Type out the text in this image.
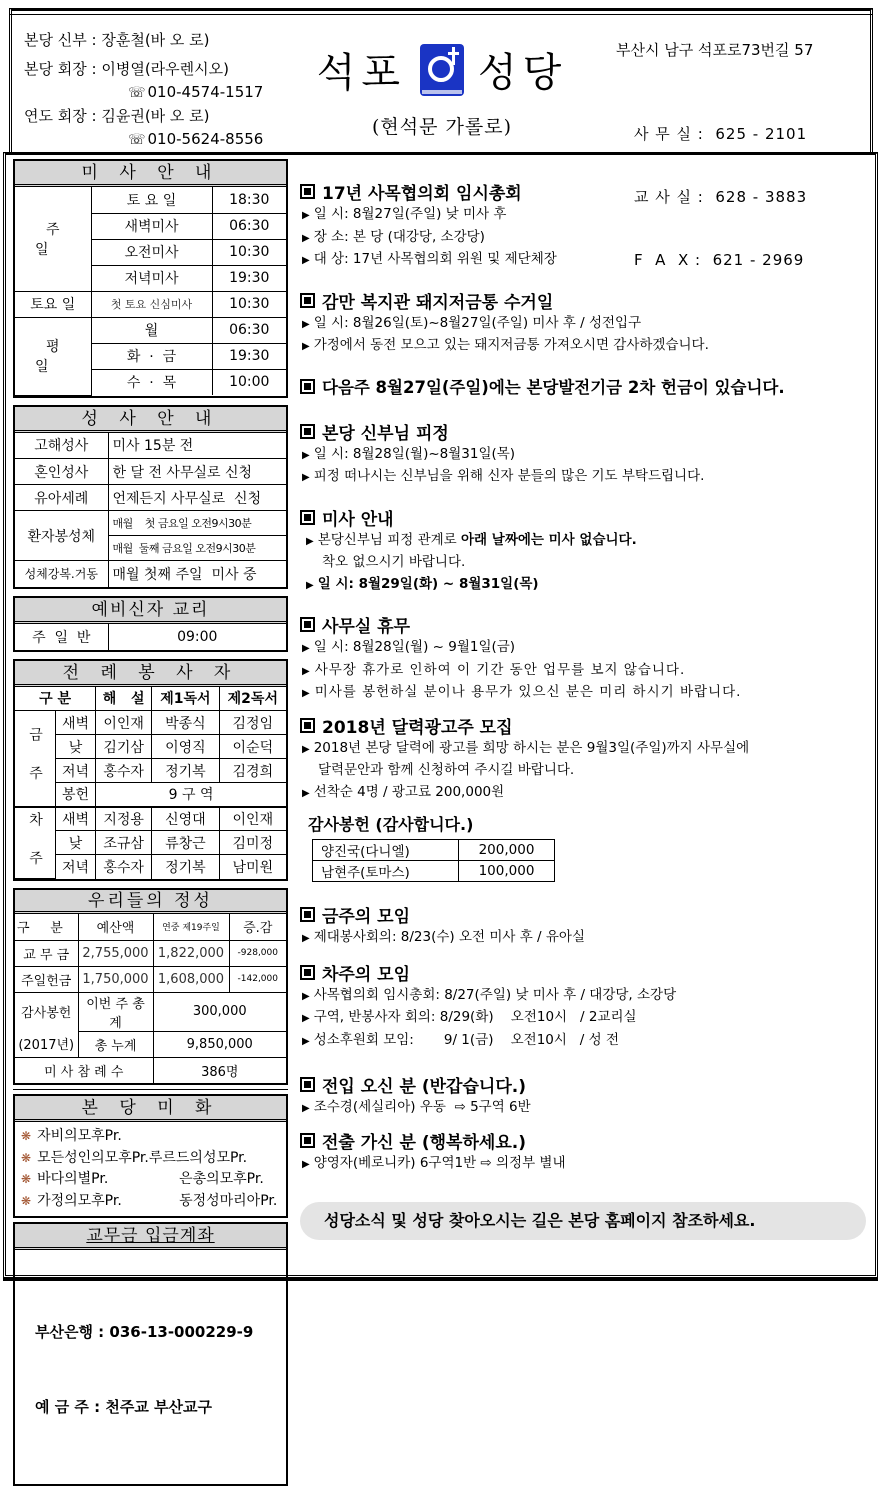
본당 신부 : 장훈철(바 오 로)
본당 회장 : 이병열(라우렌시오)
☏ 010-4574-1517
연도 회장 : 김윤권(바 오 로)
☏ 010-5624-8556
석포 성당
(현석문 가롤로)
부산시 남구 석포로73번길 57

사 무 실 :  625 - 2101

교 사 실 :  628 - 3883

F  A  X :  621 - 2969

미 사 안 내
주 일	토 요 일	18:30
	새벽미사	06:30
	오전미사	10:30
	저녁미사	19:30
토요 일	첫 토요 신심미사	10:30
평 일	월	06:30
	화  ·  금	19:30
	수  ·  목	10:00
성 사 안 내
고해성사	미사 15분 전
혼인성사	한 달 전 사무실로 신청
유아세례	언제든지 사무실로  신청
환자봉성체	매월    첫 금요일 오전9시30분
	매월  둘째 금요일 오전9시30분
성체강복.거동	매월 첫째 주일  미사 중
예비신자 교리
주  일  반	09:00
전 례 봉 사 자
구 분		해   설	제1독서	제2독서
금 주	새벽	이인재	박종식	김정임
	낮	김기삼	이영직	이순덕
	저녁	홍수자	정기복	김경희
	봉헌	9 구 역		
차 주	새벽	지정용	신영대	이인재
	낮	조규삼	류창근	김미정
	저녁	홍수자	정기복	남미원
우리들의 정성
구     분	예산액	연중 제19주일	증.감
교 무 금	2,755,000	1,822,000	-928,000
주일헌금	1,750,000	1,608,000	-142,000
감사봉헌	이번 주 총계	300,000	
(2017년)	총 누계	9,850,000	
미 사 참 례 수		386명	
본 당 미 화
❋ 자비의모후Pr.
❋ 모든성인의모후Pr.루르드의성모Pr.
❋ 바다의별Pr.	은총의모후Pr.
❋ 가정의모후Pr.	동정성마리아Pr.
교무금 입금계좌

부산은행 : 036-13-000229-9

예 금 주 : 천주교 부산교구

17년 사목협의회 임시총회
▶ 일 시: 8월27일(주일) 낮 미사 후
▶ 장 소: 본 당 (대강당, 소강당)
▶ 대 상: 17년 사목협의회 위원 및 제단체장
감만 복지관 돼지저금통 수거일
▶ 일 시: 8월26일(토)~8월27일(주일) 미사 후 / 성전입구
▶ 가정에서 동전 모으고 있는 돼지저금통 가져오시면 감사하겠습니다.
다음주 8월27일(주일)에는 본당발전기금 2차 헌금이 있습니다.
본당 신부님 피정
▶ 일 시: 8월28일(월)~8월31일(목)
▶ 피정 떠나시는 신부님을 위해 신자 분들의 많은 기도 부탁드립니다.
미사 안내
▶ 본당신부님 피정 관계로 아래 날짜에는 미사 없습니다.
착오 없으시기 바랍니다.
▶ 일 시: 8월29일(화) ~ 8월31일(목)
사무실 휴무
▶ 일 시: 8월28일(월) ~ 9월1일(금)
▶ 사무장 휴가로 인하여 이 기간 동안 업무를 보지 않습니다.
▶ 미사를 봉헌하실 분이나 용무가 있으신 분은 미리 하시기 바랍니다.
2018년 달력광고주 모집
▶ 2018년 본당 달력에 광고를 희망 하시는 분은 9월3일(주일)까지 사무실에
달력문안과 함께 신청하여 주시길 바랍니다.
▶ 선착순 4명 / 광고료 200,000원
감사봉헌 (감사합니다.)
양진국(다니엘)	200,000
남현주(토마스)	100,000
금주의 모임
▶ 제대봉사회의: 8/23(수) 오전 미사 후 / 유아실
차주의 모임
▶ 사목협의회 임시총회: 8/27(주일) 낮 미사 후 / 대강당, 소강당
▶ 구역, 반봉사자 회의: 8/29(화)    오전10시   / 2교리실
▶ 성소후원회 모임:       9/ 1(금)    오전10시   / 성 전
전입 오신 분 (반갑습니다.)
▶ 조수경(세실리아) 우동  ⇨ 5구역 6반
전출 가신 분 (행복하세요.)
▶ 양영자(베로니카) 6구역1반 ⇨ 의정부 별내
성당소식 및 성당 찾아오시는 길은 본당 홈페이지 참조하세요.
